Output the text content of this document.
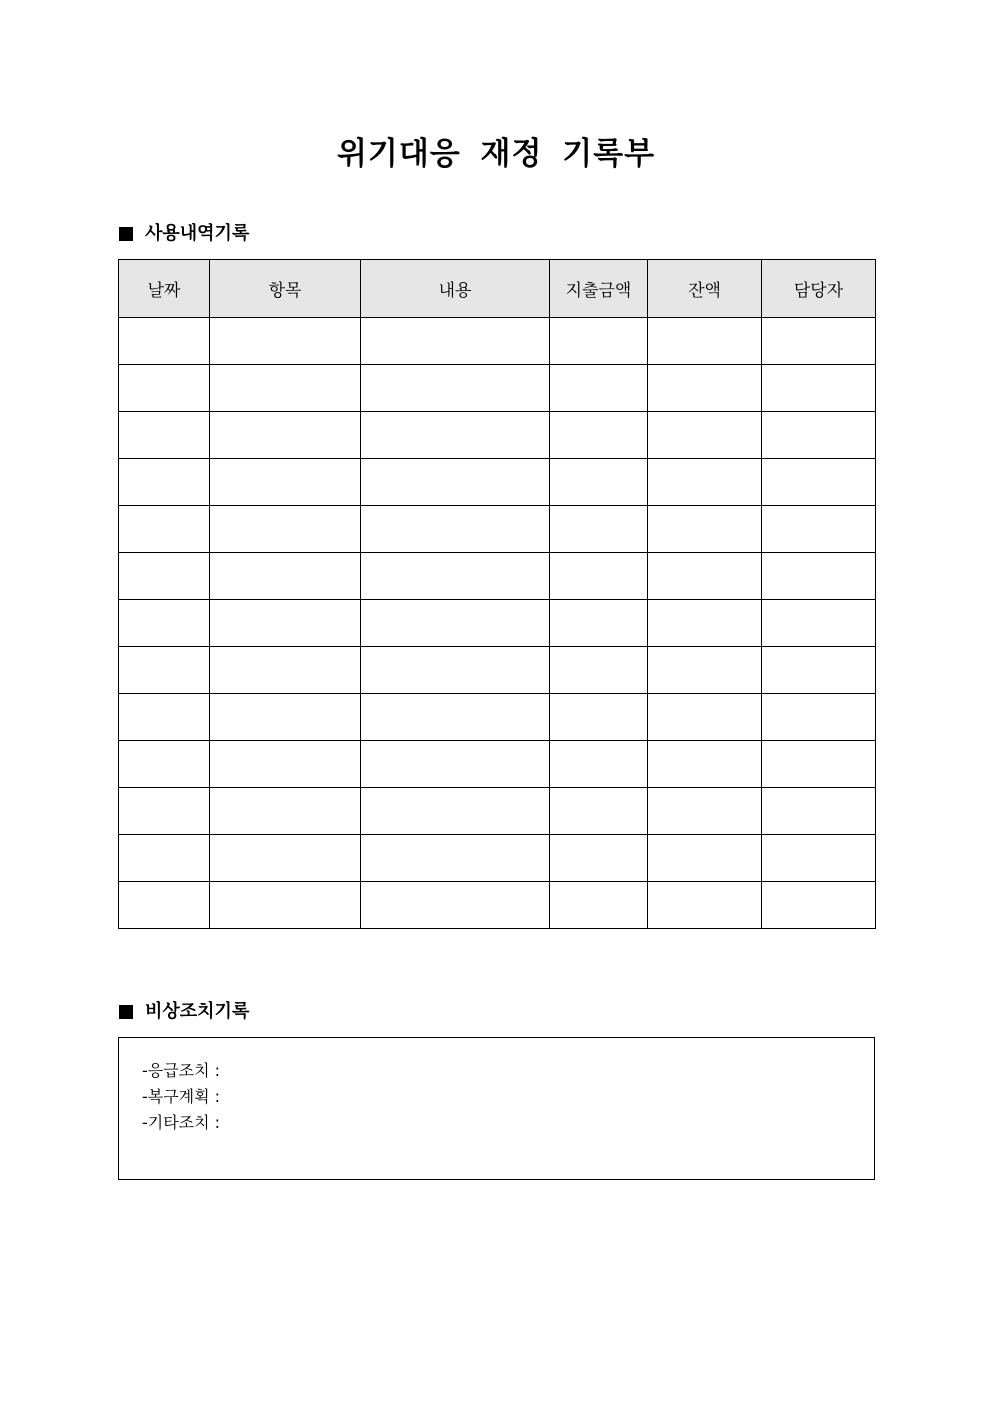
위기대응 재정 기록부
사용내역기록
날짜	항목	내용	지출금액	잔액	담당자

비상조치기록
-응급조치 :
-복구계획 :
-기타조치 :
